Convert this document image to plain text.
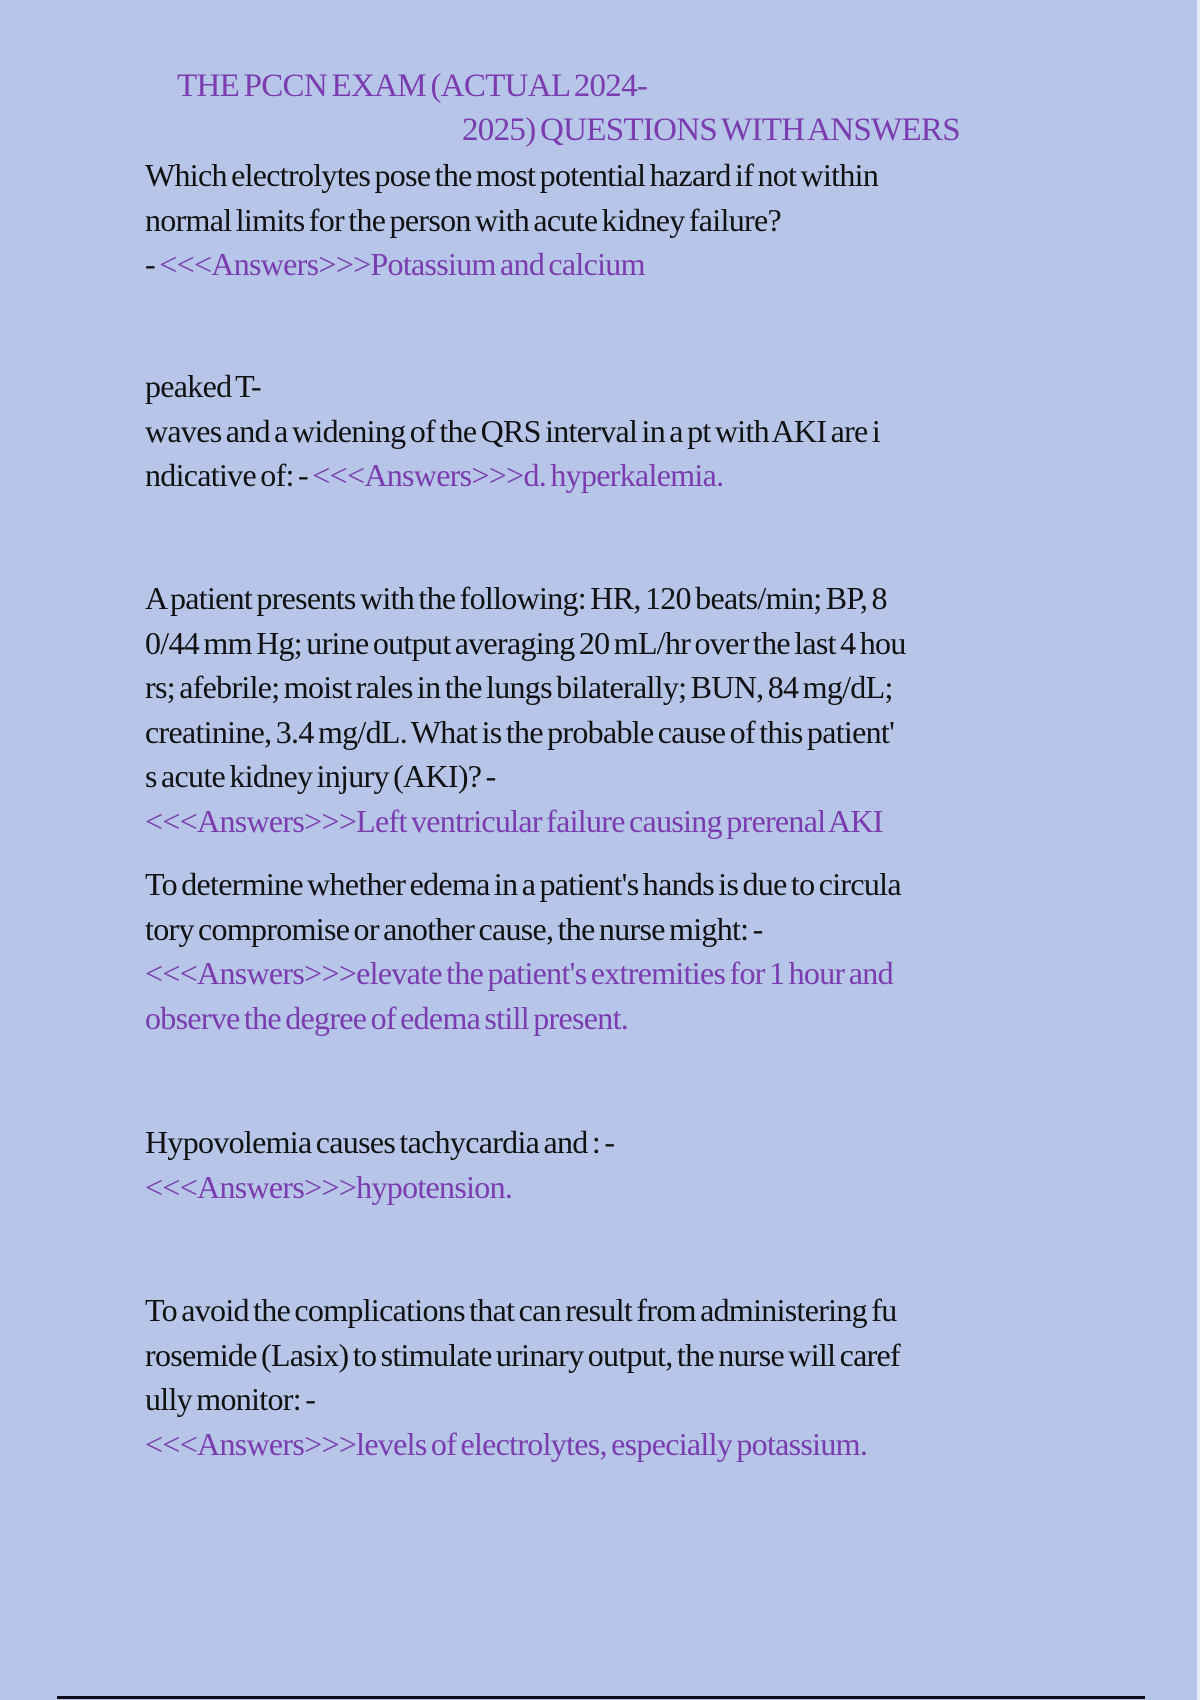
THE PCCN EXAM (ACTUAL 2024-
2025) QUESTIONS WITH ANSWERS
Which electrolytes pose the most potential hazard if not within
normal limits for the person with acute kidney failure?
- <<<Answers>>>Potassium and calcium
peaked T-
waves and a widening of the QRS interval in a pt with AKI are i
ndicative of: - <<<Answers>>>d. hyperkalemia.
A patient presents with the following: HR, 120 beats/min; BP, 8
0/44 mm Hg; urine output averaging 20 mL/hr over the last 4 hou
rs; afebrile; moist rales in the lungs bilaterally; BUN, 84 mg/dL;
creatinine, 3.4 mg/dL. What is the probable cause of this patient'
s acute kidney injury (AKI)? -
<<<Answers>>>Left ventricular failure causing prerenal AKI
To determine whether edema in a patient's hands is due to circula
tory compromise or another cause, the nurse might: -
<<<Answers>>>elevate the patient's extremities for 1 hour and
observe the degree of edema still present.
Hypovolemia causes tachycardia and : -
<<<Answers>>>hypotension.
To avoid the complications that can result from administering fu
rosemide (Lasix) to stimulate urinary output, the nurse will caref
ully monitor: -
<<<Answers>>>levels of electrolytes, especially potassium.
